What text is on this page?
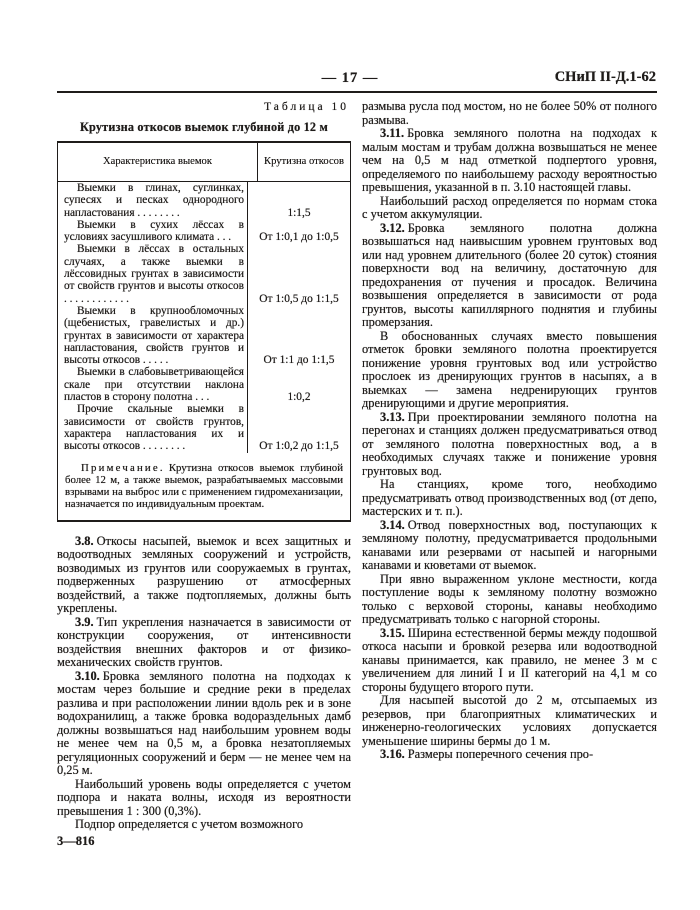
— 17 —	СНиП II-Д.1-62
Таблица 10
Крутизна откосов выемок глубиной до 12 м
Характеристика выемок	Крутизна откосов
Выемки в глинах, суглинках, супесях и песках однородного напластования . . . . . . . .	1:1,5
Выемки в сухих лёссах в условиях засушливого климата . . .	От 1:0,1 до 1:0,5
Выемки в лёссах в остальных случаях, а также выемки в лёссовидных грунтах в зависимости от свойств грунтов и высоты откосов . . . . . . . . . . . .	От 1:0,5 до 1:1,5
Выемки в крупнообломочных (щебенистых, гравелистых и др.) грунтах в зависимости от характера напластования, свойств грунтов и высоты откосов . . . . .	От 1:1 до 1:1,5
Выемки в слабовыветривающейся скале при отсутствии наклона пластов в сторону полотна . . .	1:0,2
Прочие скальные выемки в зависимости от свойств грунтов, характера напластования их и высоты откосов . . . . . . . .	От 1:0,2 до 1:1,5
Примечание. Крутизна откосов выемок глубиной более 12 м, а также выемок, разрабатываемых массовыми взрывами на выброс или с применением гидромеханизации, назначается по индивидуальным проектам.

3.8. Откосы насыпей, выемок и всех защитных и водоотводных земляных сооружений и устройств, возводимых из грунтов или сооружаемых в грунтах, подверженных разрушению от атмосферных воздействий, а также подтопляемых, должны быть укреплены.

3.9. Тип укрепления назначается в зависимости от конструкции сооружения, от интенсивности воздействия внешних факторов и от физико-механических свойств грунтов.

3.10. Бровка земляного полотна на подходах к мостам через большие и средние реки в пределах разлива и при расположении линии вдоль рек и в зоне водохранилищ, а также бровка водораздельных дамб должны возвышаться над наибольшим уровнем воды не менее чем на 0,5 м, а бровка незатопляемых регуляционных сооружений и берм — не менее чем на 0,25 м.

Наибольший уровень воды определяется с учетом подпора и наката волны, исходя из вероятности превышения 1 : 300 (0,3%).

Подпор определяется с учетом возможного

3—816

размыва русла под мостом, но не более 50% от полного размыва.

3.11. Бровка земляного полотна на подходах к малым мостам и трубам должна возвышаться не менее чем на 0,5 м над отметкой подпертого уровня, определяемого по наибольшему расходу вероятностью превышения, указанной в п. 3.10 настоящей главы.

Наибольший расход определяется по нормам стока с учетом аккумуляции.

3.12. Бровка земляного полотна должна возвышаться над наивысшим уровнем грунтовых вод или над уровнем длительного (более 20 суток) стояния поверхности вод на величину, достаточную для предохранения от пучения и просадок. Величина возвышения определяется в зависимости от рода грунтов, высоты капиллярного поднятия и глубины промерзания.

В обоснованных случаях вместо повышения отметок бровки земляного полотна проектируется понижение уровня грунтовых вод или устройство прослоек из дренирующих грунтов в насыпях, а в выемках — замена недренирующих грунтов дренирующими и другие мероприятия.

3.13. При проектировании земляного полотна на перегонах и станциях должен предусматриваться отвод от земляного полотна поверхностных вод, а в необходимых случаях также и понижение уровня грунтовых вод.

На станциях, кроме того, необходимо предусматривать отвод производственных вод (от депо, мастерских и т. п.).

3.14. Отвод поверхностных вод, поступающих к земляному полотну, предусматривается продольными канавами или резервами от насыпей и нагорными канавами и кюветами от выемок.

При явно выраженном уклоне местности, когда поступление воды к земляному полотну возможно только с верховой стороны, канавы необходимо предусматривать только с нагорной стороны.

3.15. Ширина естественной бермы между подошвой откоса насыпи и бровкой резерва или водоотводной канавы принимается, как правило, не менее 3 м с увеличением для линий I и II категорий на 4,1 м со стороны будущего второго пути.

Для насыпей высотой до 2 м, отсыпаемых из резервов, при благоприятных климатических и инженерно-геологических условиях допускается уменьшение ширины бермы до 1 м.

3.16. Размеры поперечного сечения про-
